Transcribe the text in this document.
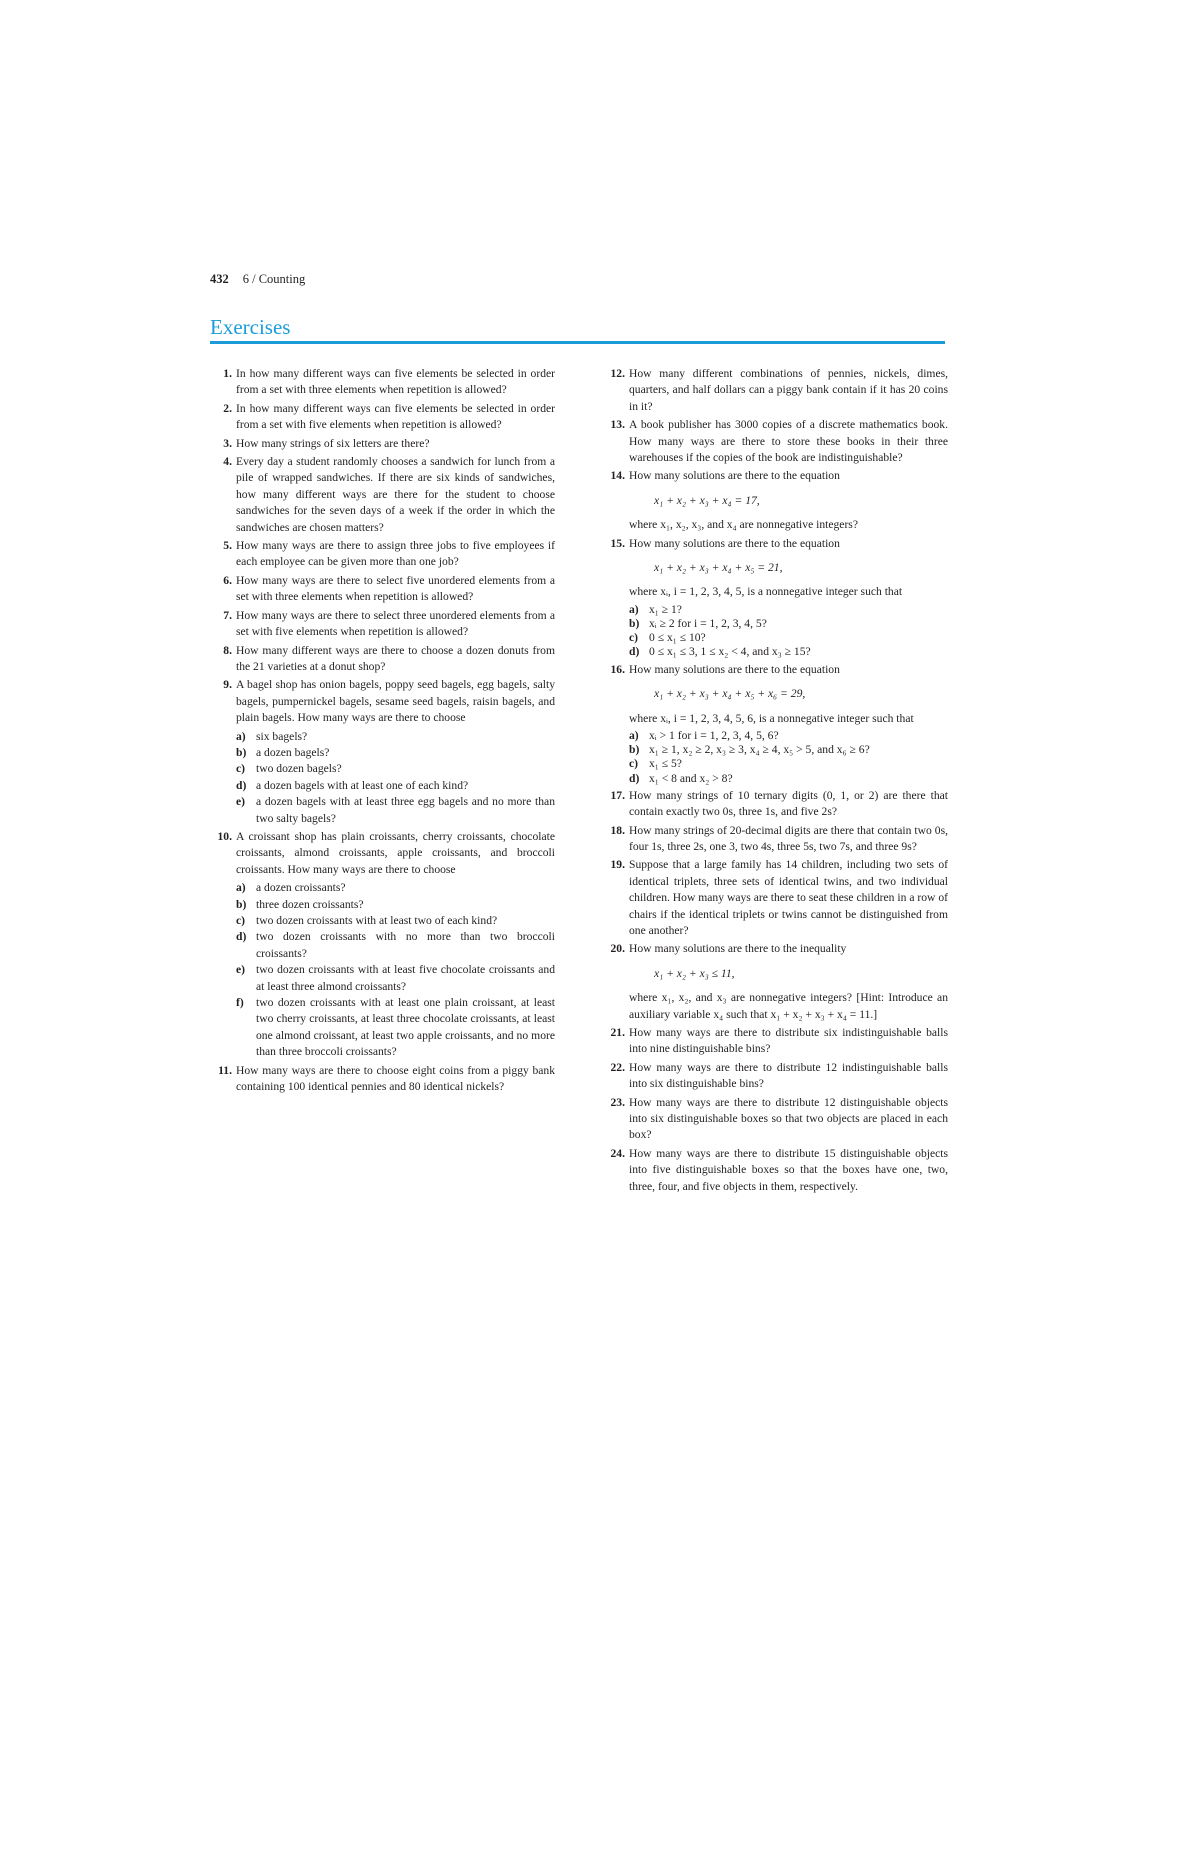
432 6 / Counting
Exercises
1. In how many different ways can five elements be selected in order from a set with three elements when repetition is allowed?
2. In how many different ways can five elements be selected in order from a set with five elements when repetition is allowed?
3. How many strings of six letters are there?
4. Every day a student randomly chooses a sandwich for lunch from a pile of wrapped sandwiches. If there are six kinds of sandwiches, how many different ways are there for the student to choose sandwiches for the seven days of a week if the order in which the sandwiches are chosen matters?
5. How many ways are there to assign three jobs to five employees if each employee can be given more than one job?
6. How many ways are there to select five unordered elements from a set with three elements when repetition is allowed?
7. How many ways are there to select three unordered elements from a set with five elements when repetition is allowed?
8. How many different ways are there to choose a dozen donuts from the 21 varieties at a donut shop?
9. A bagel shop has onion bagels, poppy seed bagels, egg bagels, salty bagels, pumpernickel bagels, sesame seed bagels, raisin bagels, and plain bagels. How many ways are there to choose
a) six bagels?
b) a dozen bagels?
c) two dozen bagels?
d) a dozen bagels with at least one of each kind?
e) a dozen bagels with at least three egg bagels and no more than two salty bagels?
10. A croissant shop has plain croissants, cherry croissants, chocolate croissants, almond croissants, apple croissants, and broccoli croissants. How many ways are there to choose
a) a dozen croissants?
b) three dozen croissants?
c) two dozen croissants with at least two of each kind?
d) two dozen croissants with no more than two broccoli croissants?
e) two dozen croissants with at least five chocolate croissants and at least three almond croissants?
f) two dozen croissants with at least one plain croissant, at least two cherry croissants, at least three chocolate croissants, at least one almond croissant, at least two apple croissants, and no more than three broccoli croissants?
11. How many ways are there to choose eight coins from a piggy bank containing 100 identical pennies and 80 identical nickels?
12. How many different combinations of pennies, nickels, dimes, quarters, and half dollars can a piggy bank contain if it has 20 coins in it?
13. A book publisher has 3000 copies of a discrete mathematics book. How many ways are there to store these books in their three warehouses if the copies of the book are indistinguishable?
14. How many solutions are there to the equation
x₁ + x₂ + x₃ + x₄ = 17,
where x₁, x₂, x₃, and x₄ are nonnegative integers?
15. How many solutions are there to the equation
x₁ + x₂ + x₃ + x₄ + x₅ = 21,
where xᵢ, i = 1, 2, 3, 4, 5, is a nonnegative integer such that
a) x₁ ≥ 1?
b) xᵢ ≥ 2 for i = 1, 2, 3, 4, 5?
c) 0 ≤ x₁ ≤ 10?
d) 0 ≤ x₁ ≤ 3, 1 ≤ x₂ < 4, and x₃ ≥ 15?
16. How many solutions are there to the equation
x₁ + x₂ + x₃ + x₄ + x₅ + x₆ = 29,
where xᵢ, i = 1, 2, 3, 4, 5, 6, is a nonnegative integer such that
a) xᵢ > 1 for i = 1, 2, 3, 4, 5, 6?
b) x₁ ≥ 1, x₂ ≥ 2, x₃ ≥ 3, x₄ ≥ 4, x₅ > 5, and x₆ ≥ 6?
c) x₁ ≤ 5?
d) x₁ < 8 and x₂ > 8?
17. How many strings of 10 ternary digits (0, 1, or 2) are there that contain exactly two 0s, three 1s, and five 2s?
18. How many strings of 20-decimal digits are there that contain two 0s, four 1s, three 2s, one 3, two 4s, three 5s, two 7s, and three 9s?
19. Suppose that a large family has 14 children, including two sets of identical triplets, three sets of identical twins, and two individual children. How many ways are there to seat these children in a row of chairs if the identical triplets or twins cannot be distinguished from one another?
20. How many solutions are there to the inequality
x₁ + x₂ + x₃ ≤ 11,
where x₁, x₂, and x₃ are nonnegative integers? [Hint: Introduce an auxiliary variable x₄ such that x₁ + x₂ + x₃ + x₄ = 11.]
21. How many ways are there to distribute six indistinguishable balls into nine distinguishable bins?
22. How many ways are there to distribute 12 indistinguishable balls into six distinguishable bins?
23. How many ways are there to distribute 12 distinguishable objects into six distinguishable boxes so that two objects are placed in each box?
24. How many ways are there to distribute 15 distinguishable objects into five distinguishable boxes so that the boxes have one, two, three, four, and five objects in them, respectively.
